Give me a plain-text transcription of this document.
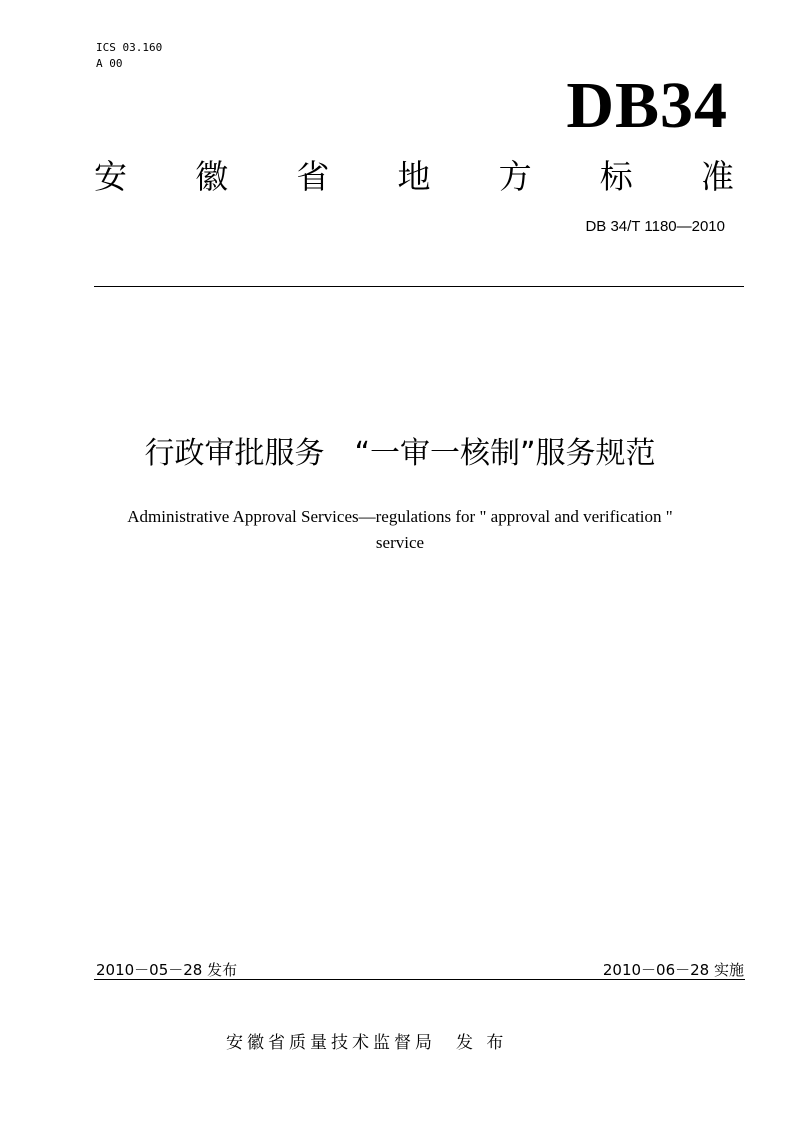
ICS 03.160
A 00
DB34
安 徽 省 地 方 标 准
DB 34/T 1180—2010
行政审批服务　“一审一核制”服务规范
Administrative Approval Services—regulations for " approval and verification "
service
2010－05－28 发布	2010－06－28 实施
安徽省质量技术监督局 发 布
